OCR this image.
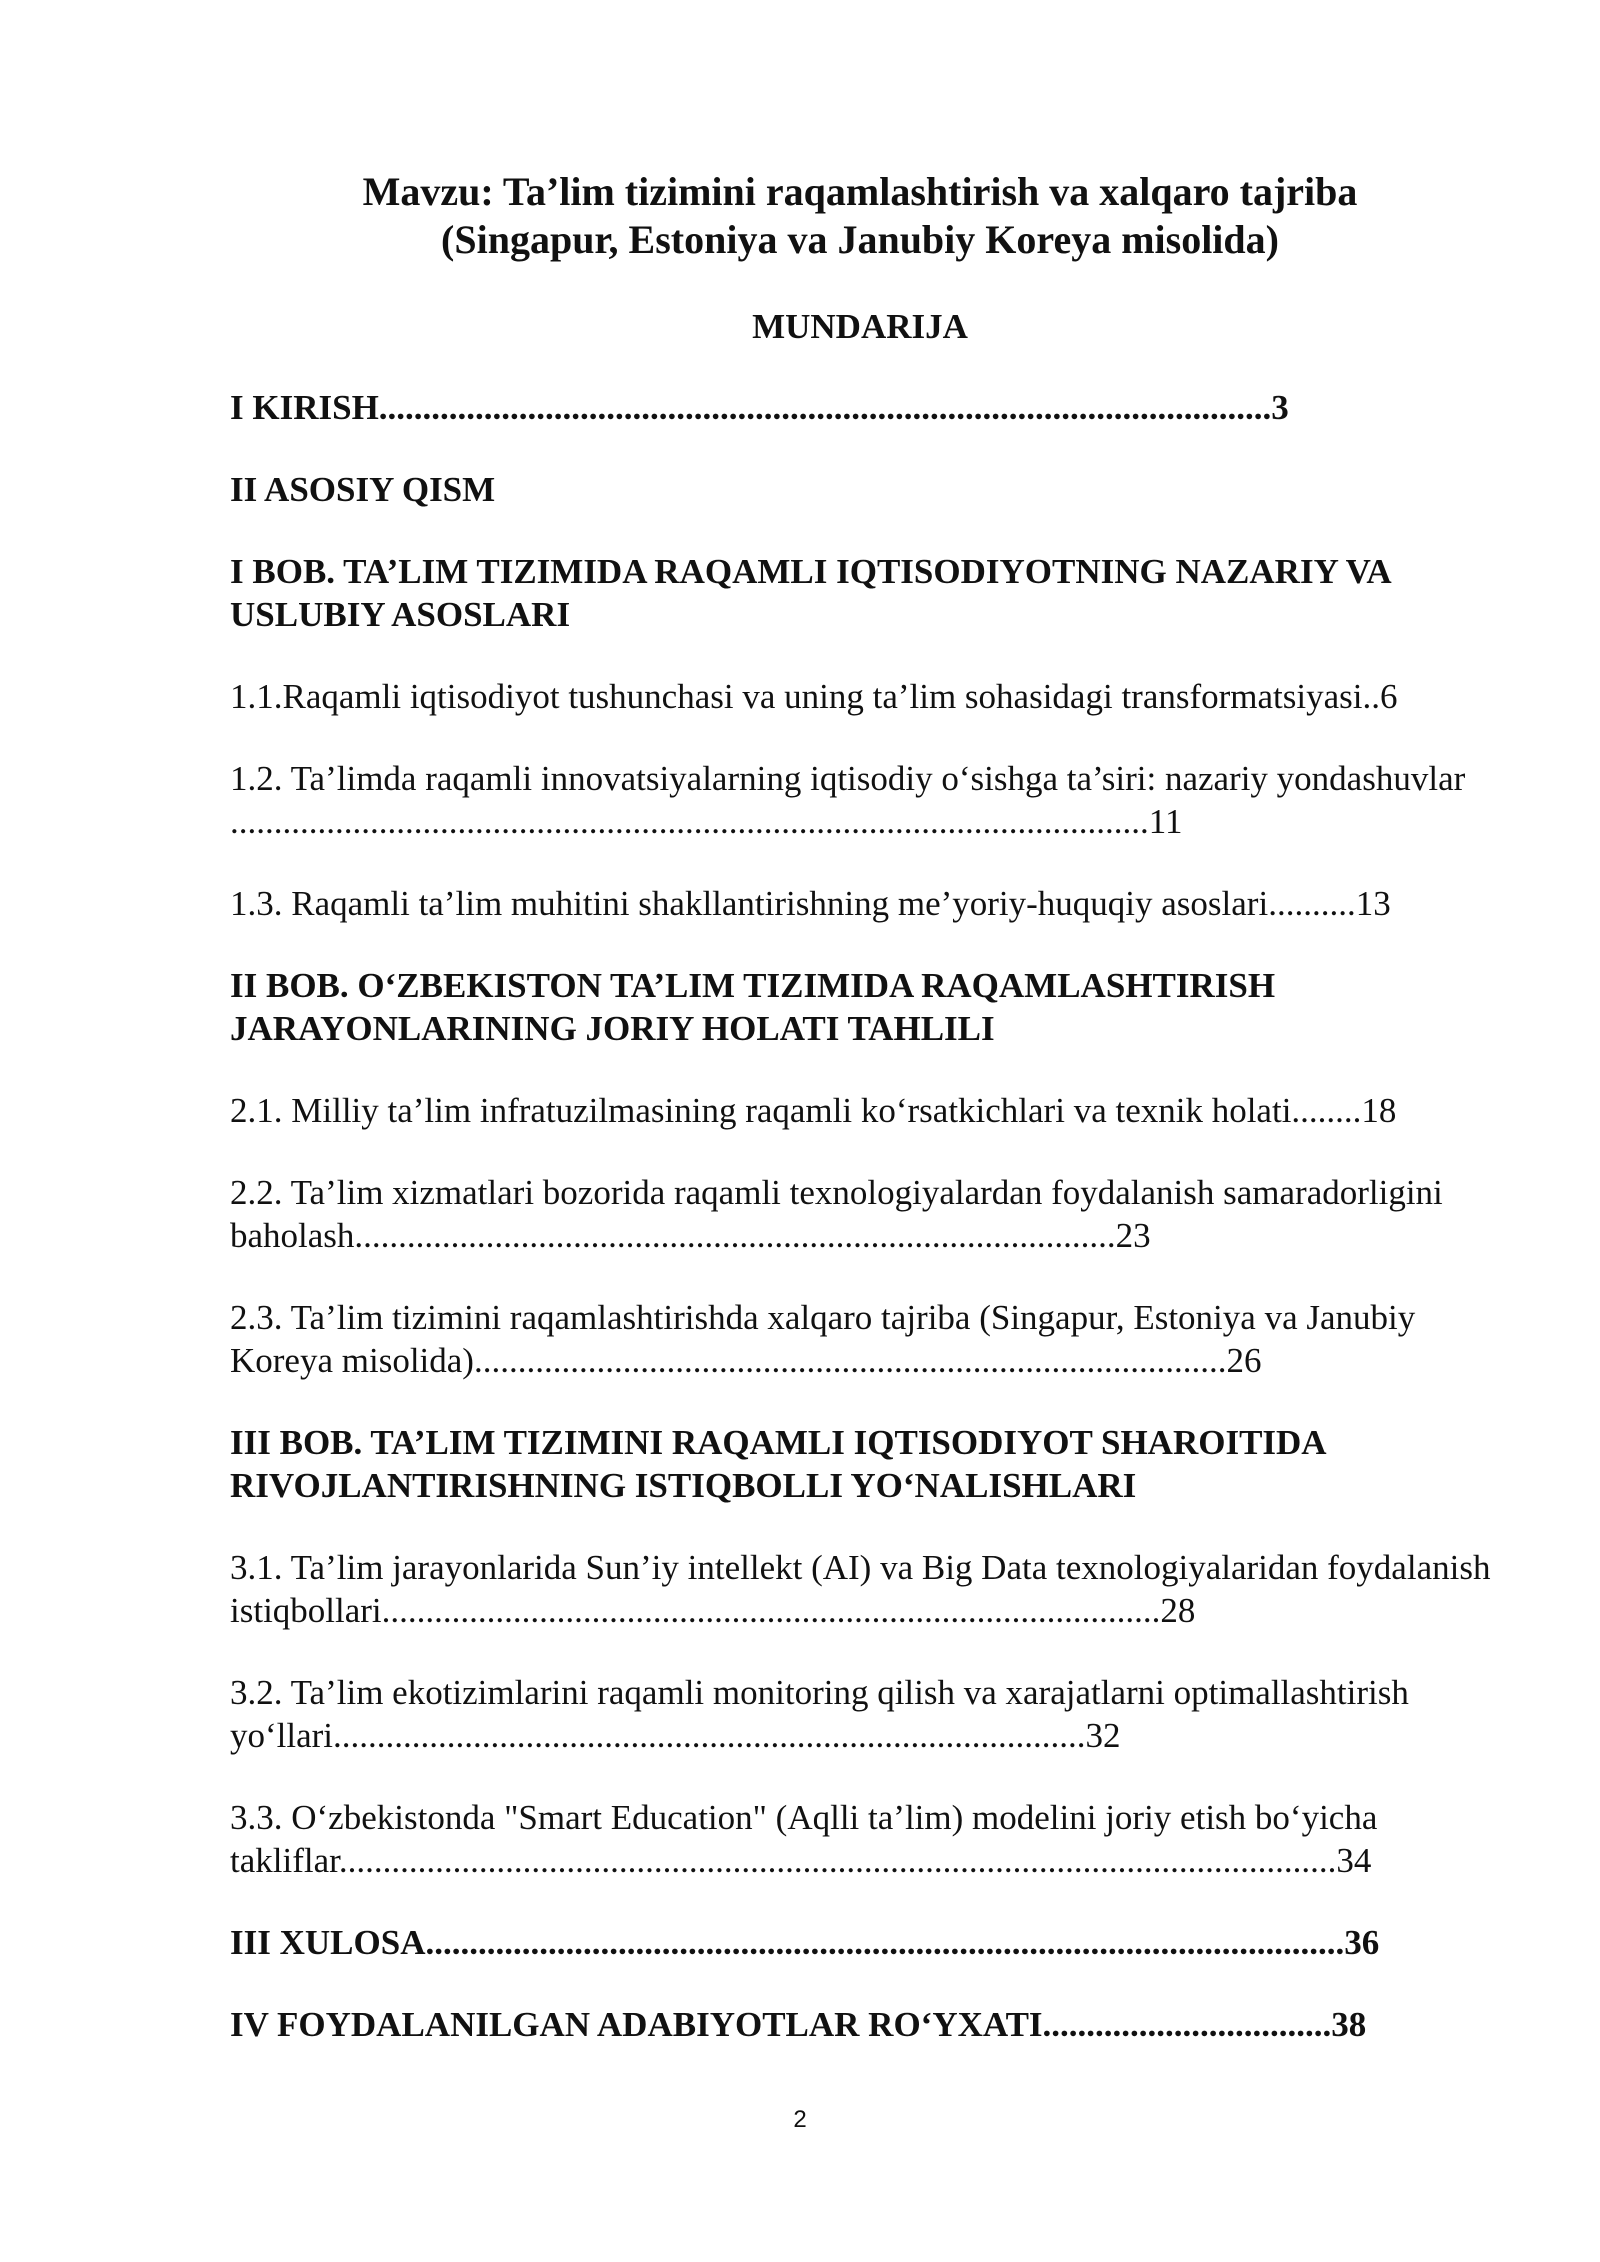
Mavzu: Ta’lim tizimini raqamlashtirish va xalqaro tajriba
(Singapur, Estoniya va Janubiy Koreya misolida)
MUNDARIJA
I KIRISH......................................................................................................3
II ASOSIY QISM
I BOB. TA’LIM TIZIMIDA RAQAMLI IQTISODIYOTNING NAZARIY VA USLUBIY ASOSLARI
1.1.Raqamli iqtisodiyot tushunchasi va uning ta’lim sohasidagi transformatsiyasi..6
1.2. Ta’limda raqamli innovatsiyalarning iqtisodiy o‘sishga ta’siri: nazariy yondashuvlar .........................................................................................................11
1.3. Raqamli ta’lim muhitini shakllantirishning me’yoriy-huquqiy asoslari..........13
II BOB. O‘ZBEKISTON TA’LIM TIZIMIDA RAQAMLASHTIRISH JARAYONLARINING JORIY HOLATI TAHLILI
2.1. Milliy ta’lim infratuzilmasining raqamli ko‘rsatkichlari va texnik holati........18
2.2. Ta’lim xizmatlari bozorida raqamli texnologiyalardan foydalanish samaradorligini baholash.......................................................................................23
2.3. Ta’lim tizimini raqamlashtirishda xalqaro tajriba (Singapur, Estoniya va Janubiy Koreya misolida)......................................................................................26
III BOB. TA’LIM TIZIMINI RAQAMLI IQTISODIYOT SHAROITIDA RIVOJLANTIRISHNING ISTIQBOLLI YO‘NALISHLARI
3.1. Ta’lim jarayonlarida Sun’iy intellekt (AI) va Big Data texnologiyalaridan foydalanish istiqbollari.........................................................................................28
3.2. Ta’lim ekotizimlarini raqamli monitoring qilish va xarajatlarni optimallashtirish yo‘llari......................................................................................32
3.3. O‘zbekistonda "Smart Education" (Aqlli ta’lim) modelini joriy etish bo‘yicha takliflar..................................................................................................................34
III XULOSA.........................................................................................................36
IV FOYDALANILGAN ADABIYOTLAR RO‘YXATI.................................38
2
